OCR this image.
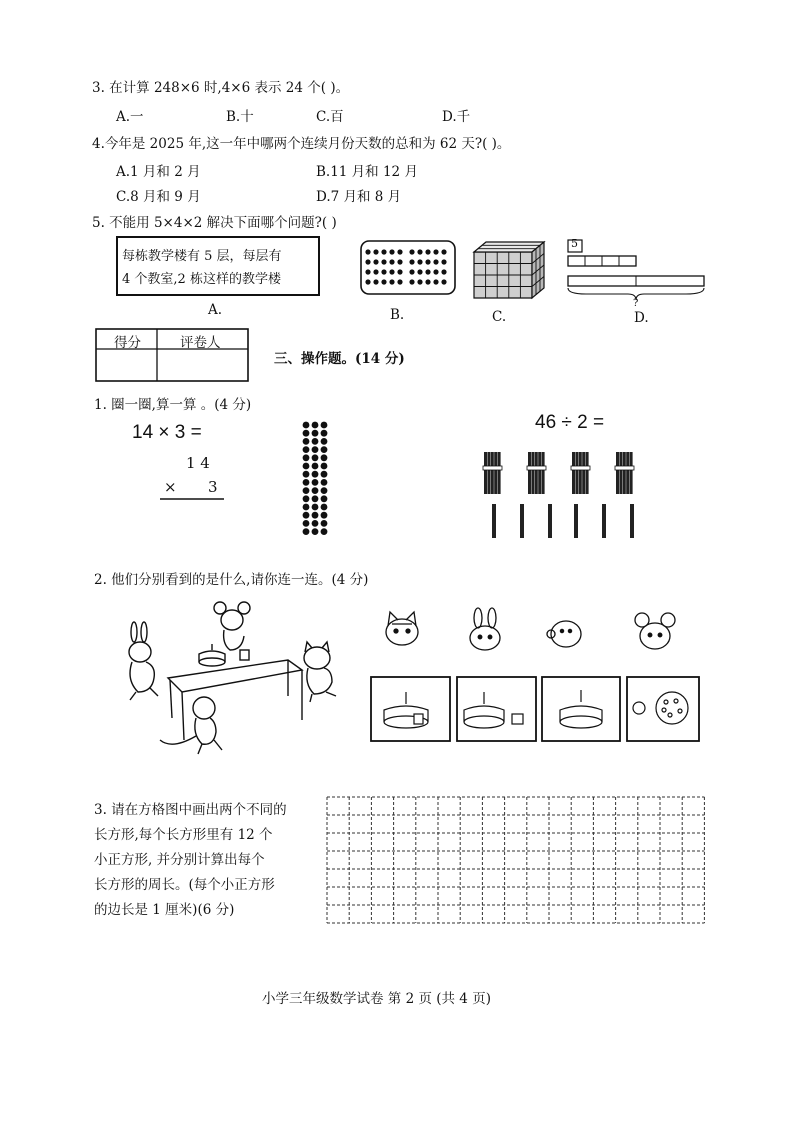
3. 在计算 248×6 时,4×6 表示 24 个( )。
A.一	B.十	C.百	D.千
4.今年是 2025 年,这一年中哪两个连续月份天数的总和为 62 天?( )。
A.1 月和 2 月	B.11 月和 12 月
C.8 月和 9 月	D.7 月和 8 月
5. 不能用 5×4×2 解决下面哪个问题?( )
每栋教学楼有 5 层，每层有
4 个教室,2 栋这样的教学楼
A.	B.	C.
5
?
D.
得分	评卷人
三、操作题。(14 分)
1. 圈一圈,算一算 。(4 分)
14 × 3 =
1 4
× 3
46 ÷ 2 =
2. 他们分别看到的是什么,请你连一连。(4 分)
3. 请在方格图中画出两个不同的
长方形,每个长方形里有 12 个
小正方形, 并分别计算出每个
长方形的周长。(每个小正方形
的边长是 1 厘米)(6 分)
小学三年级数学试卷 第 2 页 (共 4 页)
